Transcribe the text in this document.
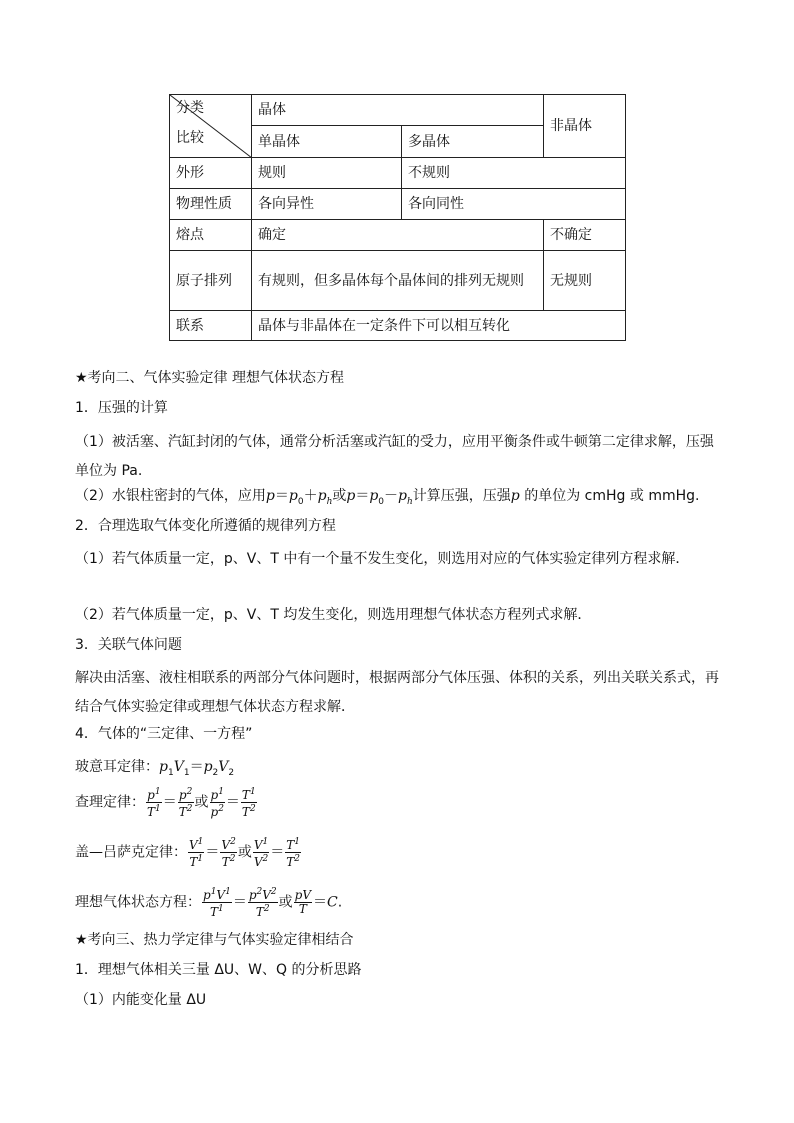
分类
比较	晶体		非晶体
	单晶体	多晶体	
外形	规则	不规则	
物理性质	各向异性	各向同性	
熔点	确定		不确定
原子排列	有规则，但多晶体每个晶体间的排列无规则		无规则
联系	晶体与非晶体在一定条件下可以相互转化		
★考向二、气体实验定律 理想气体状态方程
1．压强的计算
（1）被活塞、汽缸封闭的气体，通常分析活塞或汽缸的受力，应用平衡条件或牛顿第二定律求解，压强单位为 Pa.
（2）水银柱密封的气体，应用$p=p_0+p_h$或$p=p_0-p_h$计算压强，压强p 的单位为 cmHg 或 mmHg.
2．合理选取气体变化所遵循的规律列方程
（1）若气体质量一定，p、V、T 中有一个量不发生变化，则选用对应的气体实验定律列方程求解．
（2）若气体质量一定，p、V、T 均发生变化，则选用理想气体状态方程列式求解．
3．关联气体问题
解决由活塞、液柱相联系的两部分气体问题时，根据两部分气体压强、体积的关系，列出关联关系式，再结合气体实验定律或理想气体状态方程求解．
4．气体的“三定律、一方程”
玻意耳定律：$p_1V_1=p_2V_2$
查理定律： $\frac{p^1}{T^1} = \frac{p^2}{T^2}$ 或 $\frac{p^1}{p^2} = \frac{T^1}{T^2}$
盖—吕萨克定律： $\frac{V^1}{T^1} = \frac{V^2}{T^2}$ 或 $\frac{V^1}{V^2} = \frac{T^1}{T^2}$
理想气体状态方程： $\frac{p^1V^1}{T^1} = \frac{p^2V^2}{T^2}$ 或 $\frac{pV}{T} =C$.
★考向三、热力学定律与气体实验定律相结合
1．理想气体相关三量 ΔU、W、Q 的分析思路
（1）内能变化量 ΔU
